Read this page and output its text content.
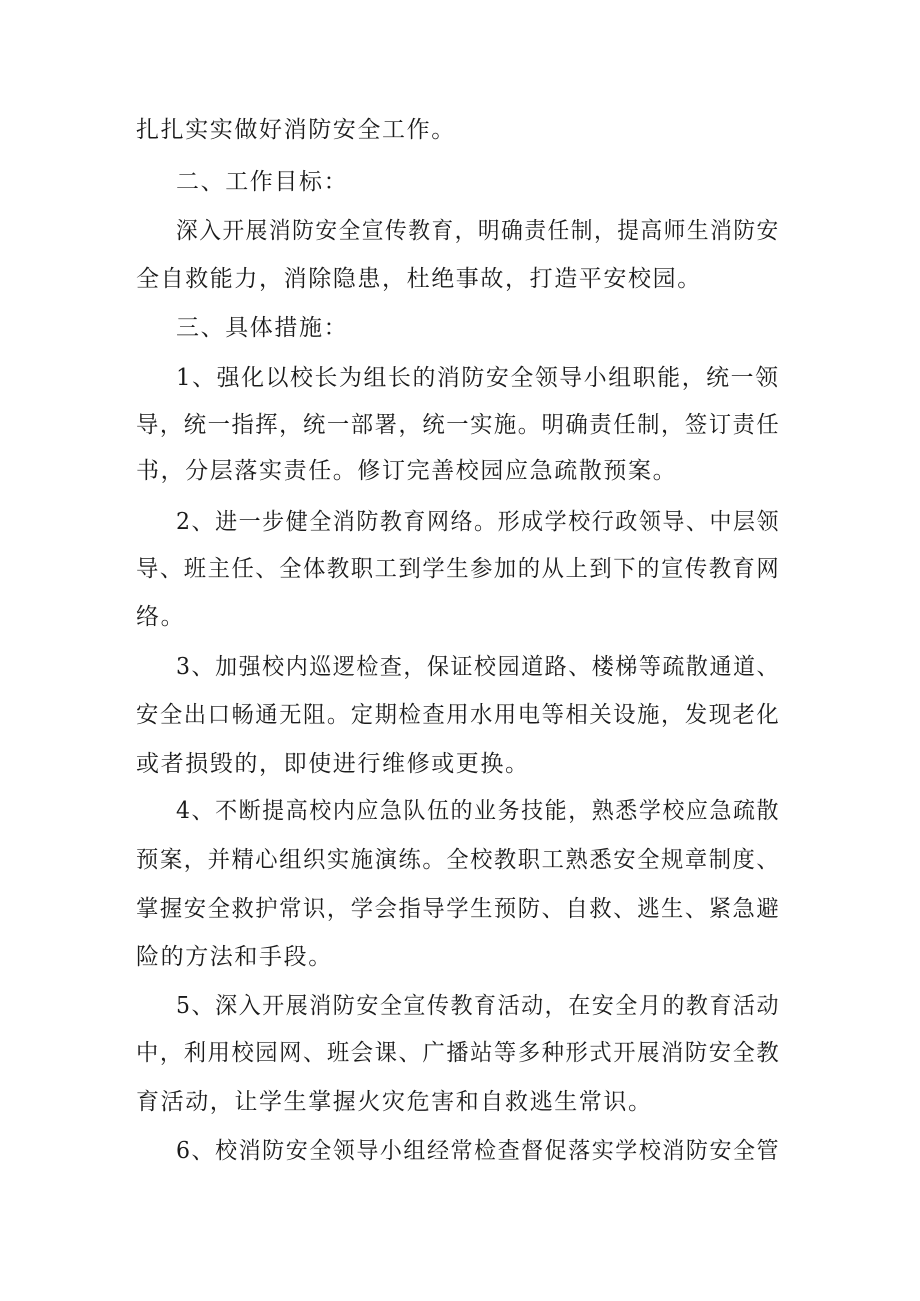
扎扎实实做好消防安全工作。
二、工作目标：
深入开展消防安全宣传教育，明确责任制，提高师生消防安
全自救能力，消除隐患，杜绝事故，打造平安校园。
三、具体措施：
1、强化以校长为组长的消防安全领导小组职能，统一领
导，统一指挥，统一部署，统一实施。明确责任制，签订责任
书，分层落实责任。修订完善校园应急疏散预案。
2、进一步健全消防教育网络。形成学校行政领导、中层领
导、班主任、全体教职工到学生参加的从上到下的宣传教育网
络。
3、加强校内巡逻检查，保证校园道路、楼梯等疏散通道、
安全出口畅通无阻。定期检查用水用电等相关设施，发现老化
或者损毁的，即使进行维修或更换。
4、不断提高校内应急队伍的业务技能，熟悉学校应急疏散
预案，并精心组织实施演练。全校教职工熟悉安全规章制度、
掌握安全救护常识，学会指导学生预防、自救、逃生、紧急避
险的方法和手段。
5、深入开展消防安全宣传教育活动，在安全月的教育活动
中，利用校园网、班会课、广播站等多种形式开展消防安全教
育活动，让学生掌握火灾危害和自救逃生常识。
6、校消防安全领导小组经常检查督促落实学校消防安全管
